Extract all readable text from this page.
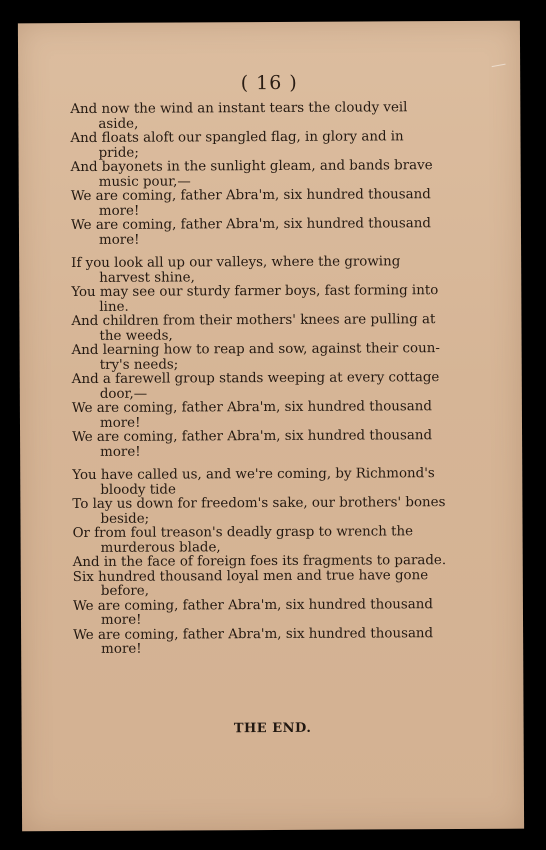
( 16 )

And now the wind an instant tears the cloudy veil
aside,

And floats aloft our spangled flag, in glory and in
pride;

And bayonets in the sunlight gleam, and bands brave
music pour,—

We are coming, father Abra'm, six hundred thousand
more!

We are coming, father Abra'm, six hundred thousand
more!

If you look all up our valleys, where the growing
harvest shine,

You may see our sturdy farmer boys, fast forming into
line.

And children from their mothers' knees are pulling at
the weeds,

And learning how to reap and sow, against their coun-
try's needs;

And a farewell group stands weeping at every cottage
door,—

We are coming, father Abra'm, six hundred thousand
more!

We are coming, father Abra'm, six hundred thousand
more!

You have called us, and we're coming, by Richmond's
bloody tide

To lay us down for freedom's sake, our brothers' bones
beside;

Or from foul treason's deadly grasp to wrench the
murderous blade,

And in the face of foreign foes its fragments to parade.

Six hundred thousand loyal men and true have gone
before,

We are coming, father Abra'm, six hundred thousand
more!

We are coming, father Abra'm, six hundred thousand
more!

THE END.
